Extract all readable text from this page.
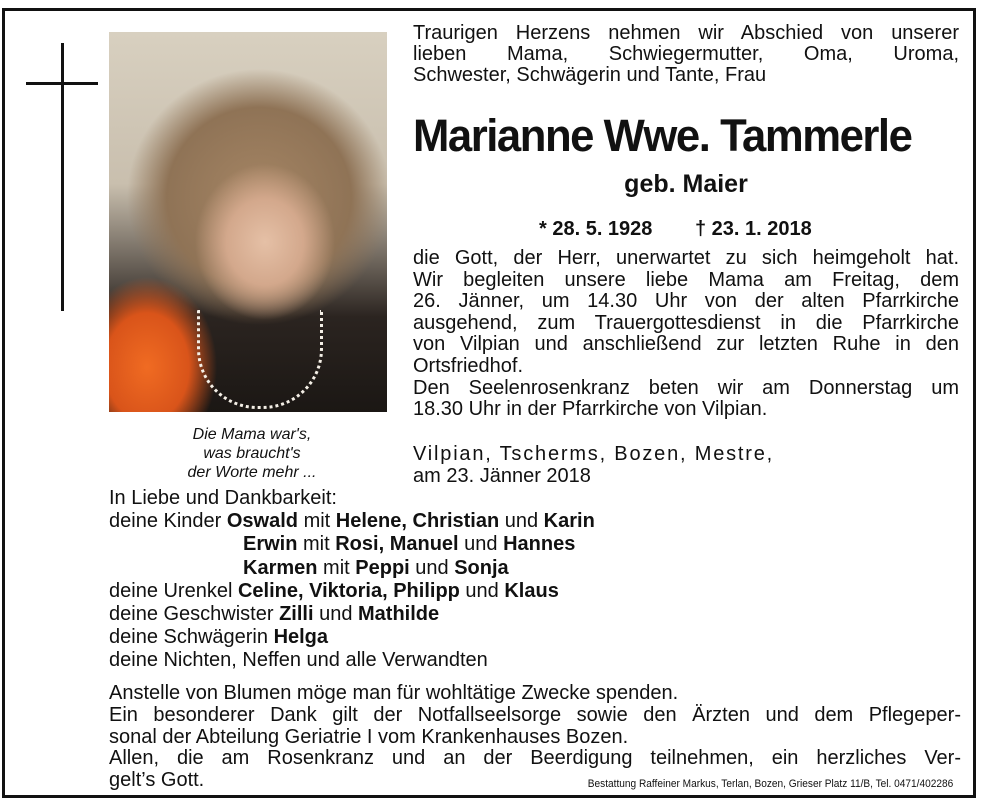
Die Mama war's,
was braucht's
der Worte mehr ...
Traurigen Herzens nehmen wir Abschied von unserer
lieben Mama, Schwiegermutter, Oma, Uroma,
Schwester, Schwägerin und Tante, Frau
Marianne Wwe. Tammerle
geb. Maier
* 28. 5. 1928 † 23. 1. 2018
die Gott, der Herr, unerwartet zu sich heimgeholt hat.
Wir begleiten unsere liebe Mama am Freitag, dem
26. Jänner, um 14.30 Uhr von der alten Pfarrkirche
ausgehend, zum Trauergottesdienst in die Pfarrkirche
von Vilpian und anschließend zur letzten Ruhe in den
Ortsfriedhof.
Den Seelenrosenkranz beten wir am Donnerstag um
18.30 Uhr in der Pfarrkirche von Vilpian.
Vilpian, Tscherms, Bozen, Mestre,
am 23. Jänner 2018
In Liebe und Dankbarkeit:
deine Kinder Oswald mit Helene, Christian und Karin
Erwin mit Rosi, Manuel und Hannes
Karmen mit Peppi und Sonja
deine Urenkel Celine, Viktoria, Philipp und Klaus
deine Geschwister Zilli und Mathilde
deine Schwägerin Helga
deine Nichten, Neffen und alle Verwandten
Anstelle von Blumen möge man für wohltätige Zwecke spenden.
Ein besonderer Dank gilt der Notfallseelsorge sowie den Ärzten und dem Pflegeper-
sonal der Abteilung Geriatrie I vom Krankenhauses Bozen.
Allen, die am Rosenkranz und an der Beerdigung teilnehmen, ein herzliches Ver-
gelt’s Gott.	Bestattung Raffeiner Markus, Terlan, Bozen, Grieser Platz 11/B, Tel. 0471/402286
